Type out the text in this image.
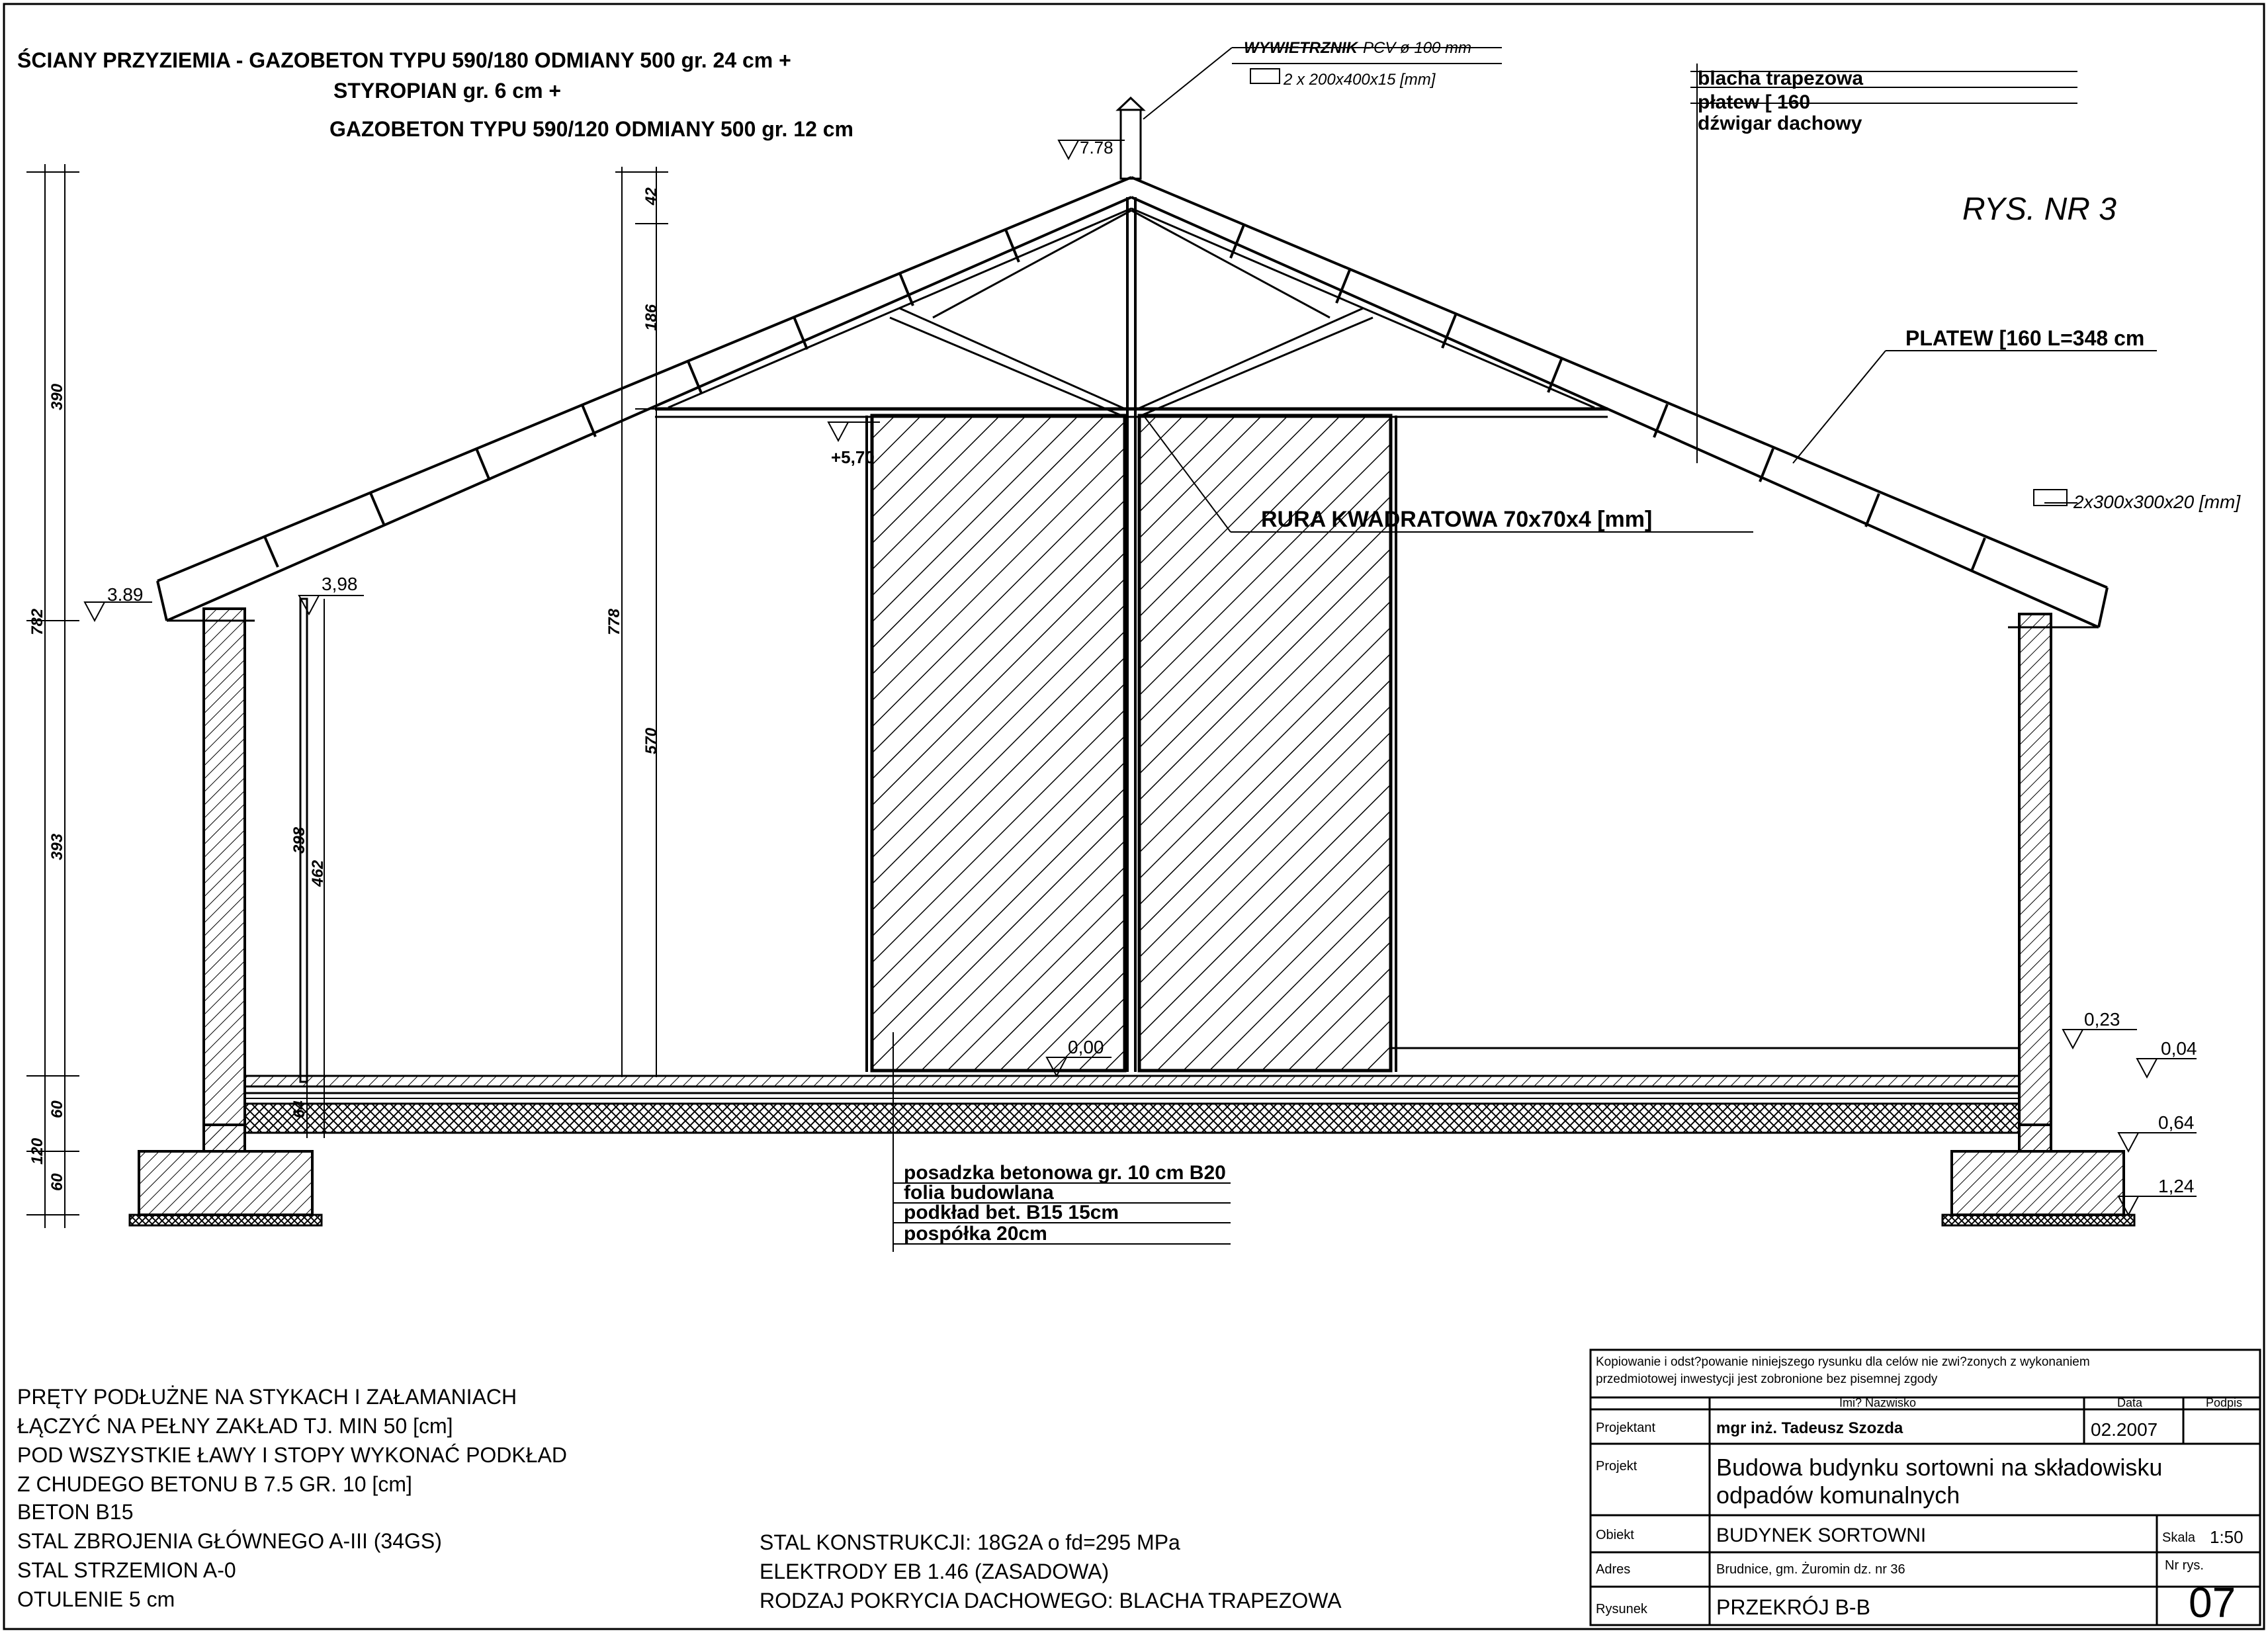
ŚCIANY PRZYZIEMIA - GAZOBETON TYPU 590/180 ODMIANY 500 gr. 24 cm +
STYROPIAN gr. 6 cm +
GAZOBETON TYPU 590/120 ODMIANY 500 gr. 12 cm
RYS. NR 3
WYWIETRZNIK PCV ø 100 mm
2 x 200x400x15 [mm]	blacha trapezowa
płatew [ 160
dźwigar dachowy
PLATEW [160 L=348 cm
RURA KWADRATOWA 70x70x4 [mm]
2x300x300x20 [mm]
posadzka betonowa gr. 10 cm B20
folia budowlana
podkład bet. B15 15cm
pospółka 20cm
7.78
3.89
3,98
+5,70
0,00
0,23
0,04
0,64
1,24
782
390
393
120
60
60
398
462
64
42
186
778
570
PRĘTY PODŁUŻNE NA STYKACH I ZAŁAMANIACH
ŁĄCZYĆ NA PEŁNY ZAKŁAD TJ. MIN 50 [cm]
POD WSZYSTKIE ŁAWY I STOPY WYKONAĆ PODKŁAD
Z CHUDEGO BETONU B 7.5 GR. 10 [cm]
BETON B15
STAL ZBROJENIA GŁÓWNEGO A-III (34GS)
STAL STRZEMION A-0
OTULENIE 5 cm
STAL KONSTRUKCJI: 18G2A o fd=295 MPa
ELEKTRODY EB 1.46 (ZASADOWA)
RODZAJ POKRYCIA DACHOWEGO: BLACHA TRAPEZOWA
Kopiowanie i odst?powanie niniejszego rysunku dla celów nie zwi?zonych z wykonaniem
przedmiotowej inwestycji jest zobronione bez pisemnej zgody
Imi? Nazwisko	Data	Podpis
Projektant	mgr inż. Tadeusz Szozda	02.2007
Projekt	Budowa budynku sortowni na składowisku
odpadów komunalnych
Obiekt	BUDYNEK SORTOWNI	Skala 1:50
Adres	Brudnice, gm. Żuromin dz. nr 36	Nr rys.
Rysunek	PRZEKRÓJ B-B	07
